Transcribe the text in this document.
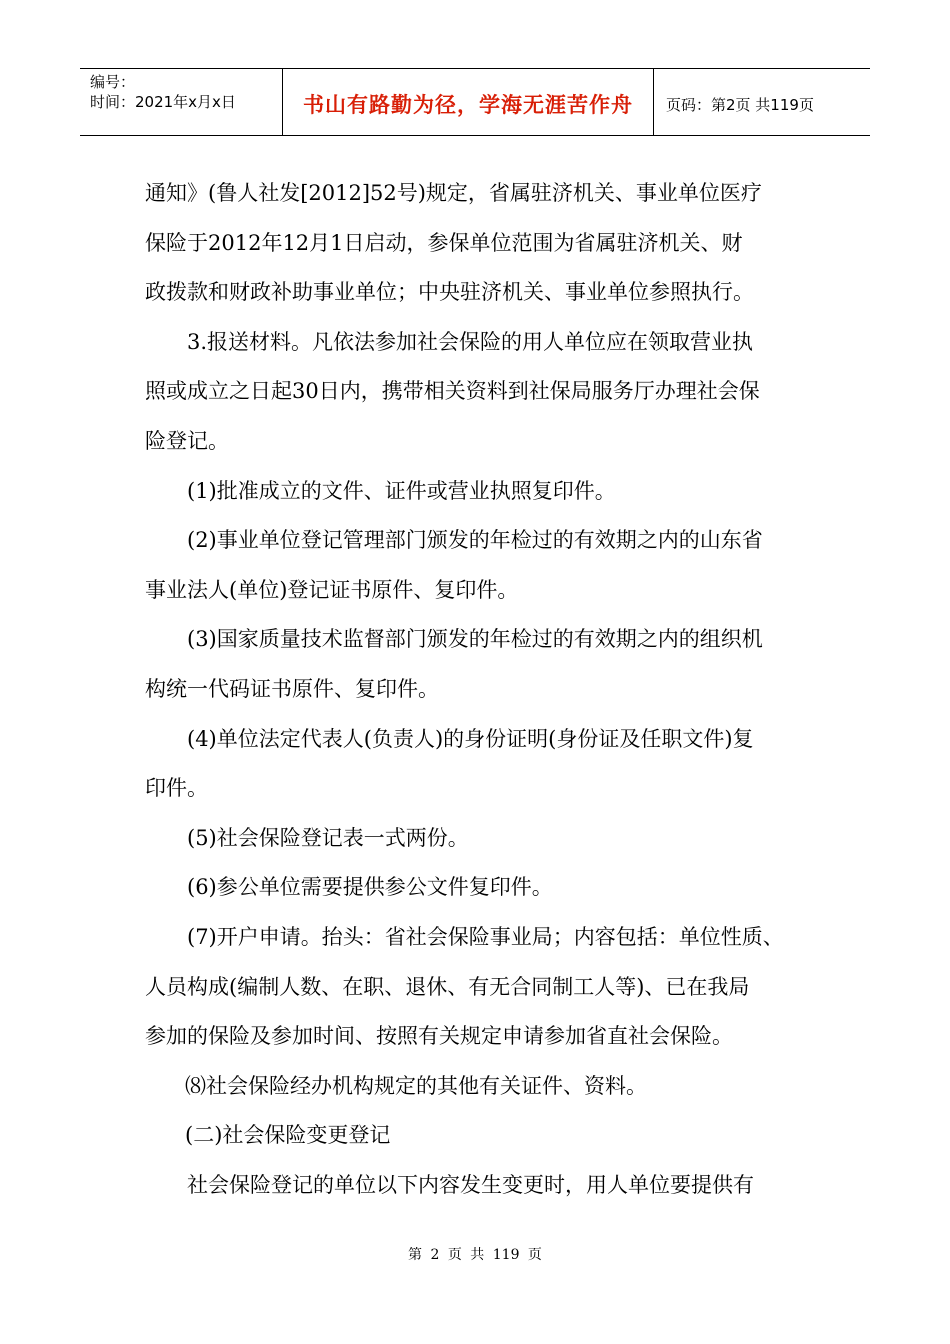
编号：
时间：2021年x月x日	书山有路勤为径，学海无涯苦作舟 页码：第2页 共119页
通知》(鲁人社发[2012]52号)规定，省属驻济机关、事业单位医疗
保险于2012年12月1日启动，参保单位范围为省属驻济机关、财
政拨款和财政补助事业单位；中央驻济机关、事业单位参照执行。
3.报送材料。凡依法参加社会保险的用人单位应在领取营业执
照或成立之日起30日内，携带相关资料到社保局服务厅办理社会保
险登记。
(1)批准成立的文件、证件或营业执照复印件。
(2)事业单位登记管理部门颁发的年检过的有效期之内的山东省
事业法人(单位)登记证书原件、复印件。
(3)国家质量技术监督部门颁发的年检过的有效期之内的组织机
构统一代码证书原件、复印件。
(4)单位法定代表人(负责人)的身份证明(身份证及任职文件)复
印件。
(5)社会保险登记表一式两份。
(6)参公单位需要提供参公文件复印件。
(7)开户申请。抬头：省社会保险事业局；内容包括：单位性质、
人员构成(编制人数、在职、退休、有无合同制工人等)、已在我局
参加的保险及参加时间、按照有关规定申请参加省直社会保险。
⑻社会保险经办机构规定的其他有关证件、资料。
(二)社会保险变更登记
社会保险登记的单位以下内容发生变更时，用人单位要提供有
第 2 页 共 119 页
